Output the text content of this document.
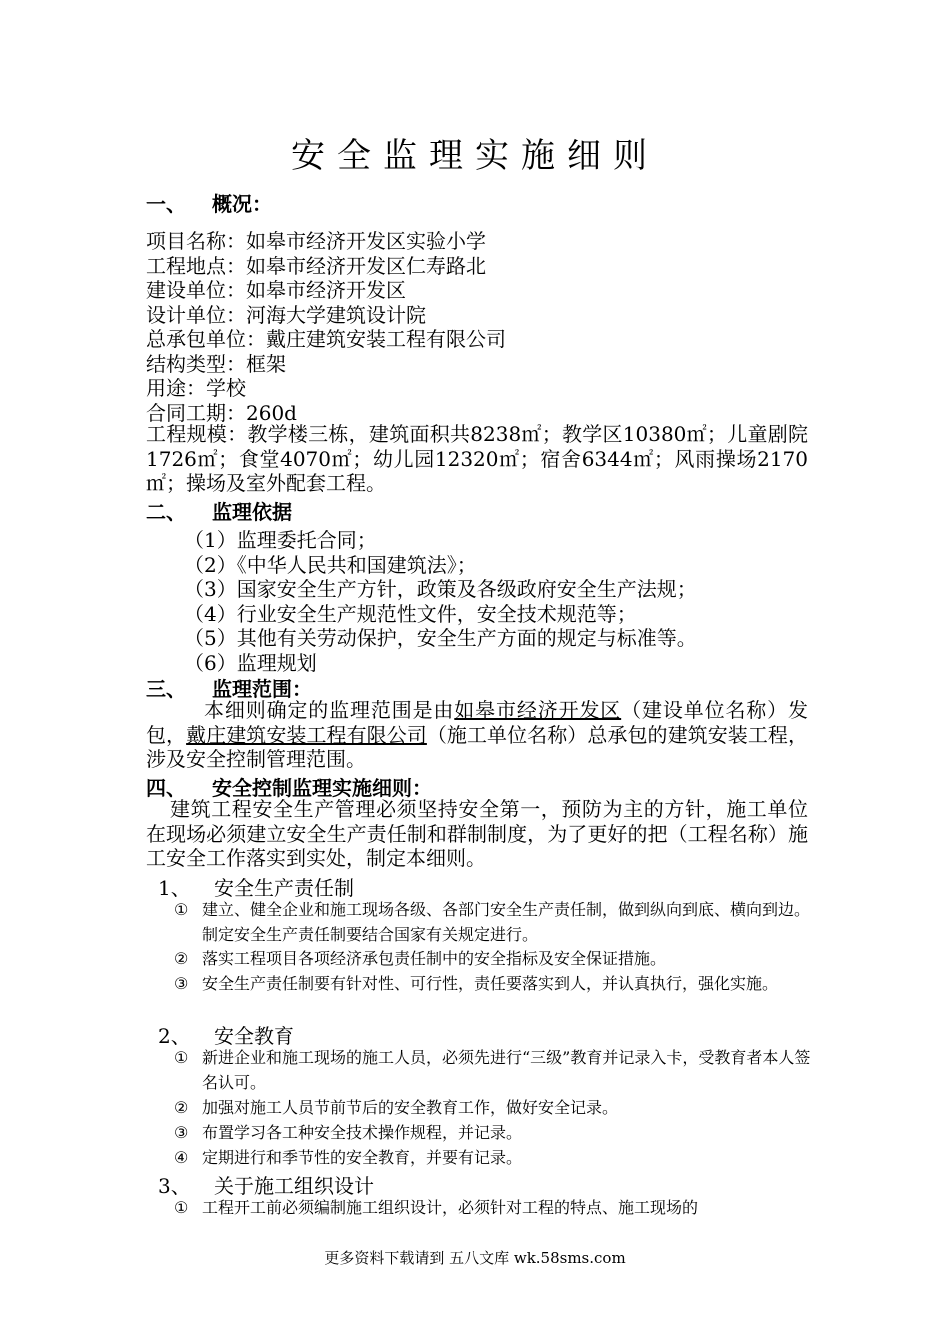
安全监理实施细则
一、 概况：
项目名称：如皋市经济开发区实验小学
工程地点：如皋市经济开发区仁寿路北
建设单位：如皋市经济开发区
设计单位：河海大学建筑设计院
总承包单位：戴庄建筑安装工程有限公司
结构类型：框架
用途：学校
合同工期：260d
工程规模：教学楼三栋，建筑面积共8238㎡；教学区10380㎡；儿童剧院1726㎡；食堂4070㎡；幼儿园12320㎡；宿舍6344㎡；风雨操场2170㎡；操场及室外配套工程。
二、 监理依据
（1）监理委托合同；
（2）《中华人民共和国建筑法》；
（3）国家安全生产方针，政策及各级政府安全生产法规；
（4）行业安全生产规范性文件，安全技术规范等；
（5）其他有关劳动保护，安全生产方面的规定与标准等。
（6）监理规划
三、 监理范围：
本细则确定的监理范围是由如皋市经济开发区（建设单位名称）发包，戴庄建筑安装工程有限公司（施工单位名称）总承包的建筑安装工程，涉及安全控制管理范围。
四、 安全控制监理实施细则：
建筑工程安全生产管理必须坚持安全第一，预防为主的方针，施工单位在现场必须建立安全生产责任制和群制制度，为了更好的把（工程名称）施工安全工作落实到实处，制定本细则。
1、 安全生产责任制
① 建立、健全企业和施工现场各级、各部门安全生产责任制，做到纵向到底、横向到边。制定安全生产责任制要结合国家有关规定进行。
② 落实工程项目各项经济承包责任制中的安全指标及安全保证措施。
③ 安全生产责任制要有针对性、可行性，责任要落实到人，并认真执行，强化实施。
2、 安全教育
① 新进企业和施工现场的施工人员，必须先进行“三级”教育并记录入卡，受教育者本人签名认可。
② 加强对施工人员节前节后的安全教育工作，做好安全记录。
③ 布置学习各工种安全技术操作规程，并记录。
④ 定期进行和季节性的安全教育，并要有记录。
3、 关于施工组织设计
① 工程开工前必须编制施工组织设计，必须针对工程的特点、施工现场的
更多资料下载请到 五八文库 wk.58sms.com
